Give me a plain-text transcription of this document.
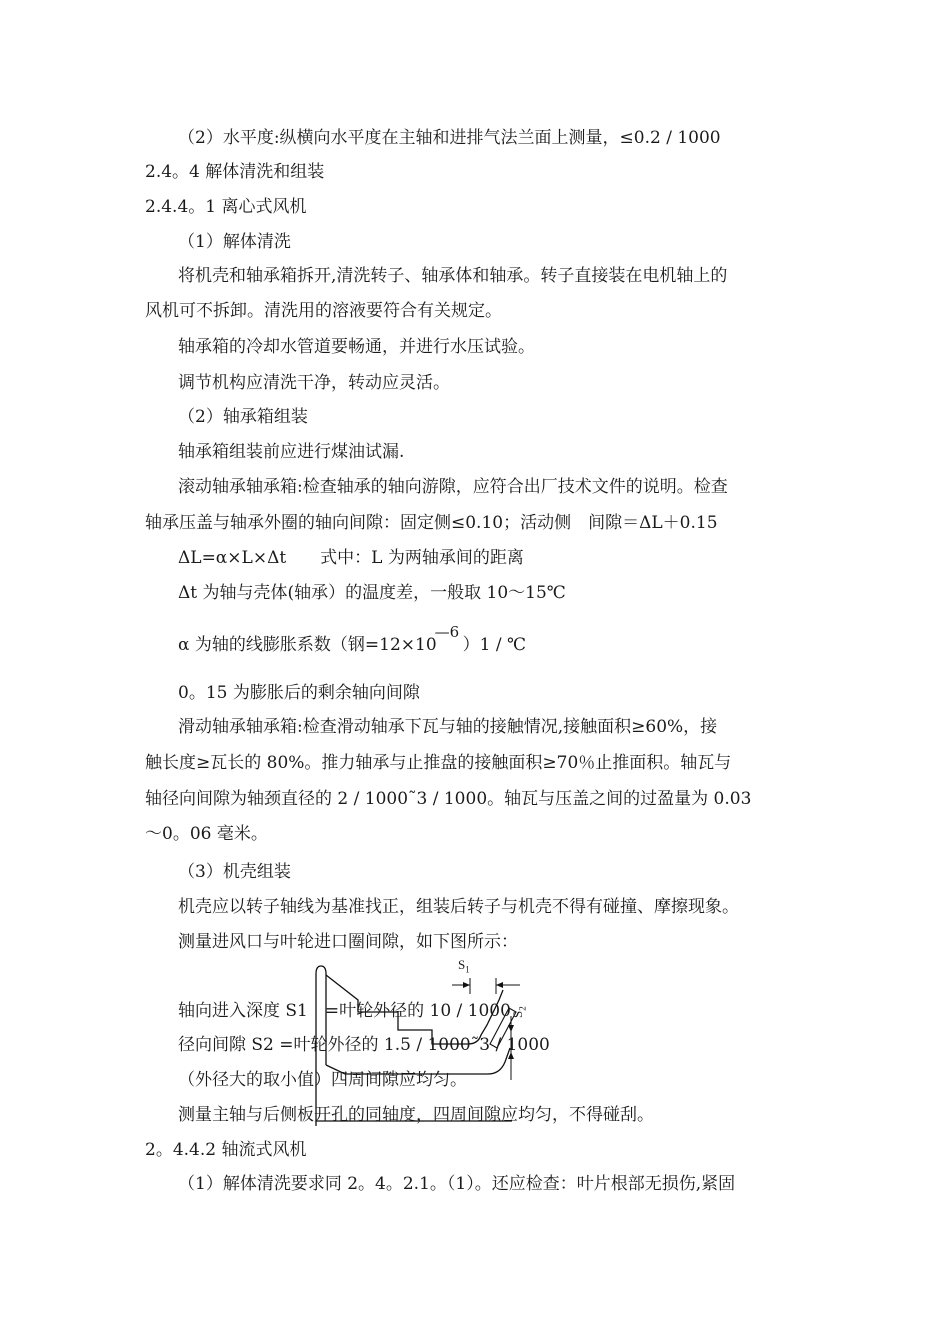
（2）水平度:纵横向水平度在主轴和进排气法兰面上测量，≤0.2 / 1000
2.4。4 解体清洗和组装
2.4.4。1 离心式风机
（1）解体清洗
将机壳和轴承箱拆开,清洗转子、轴承体和轴承。转子直接装在电机轴上的
风机可不拆卸。清洗用的溶液要符合有关规定。
轴承箱的冷却水管道要畅通，并进行水压试验。
调节机构应清洗干净，转动应灵活。
（2）轴承箱组装
轴承箱组装前应进行煤油试漏.
滚动轴承轴承箱:检查轴承的轴向游隙，应符合出厂技术文件的说明。检查
轴承压盖与轴承外圈的轴向间隙：固定侧≤0.10；活动侧　间隙＝ΔL＋0.15
ΔL=α×L×Δt　　式中：L 为两轴承间的距离
Δt 为轴与壳体(轴承）的温度差，一般取 10～15℃
α 为轴的线膨胀系数（钢=12×10
—6
）1 / ℃
0。15 为膨胀后的剩余轴向间隙
滑动轴承轴承箱:检查滑动轴承下瓦与轴的接触情况,接触面积≥60%，接
触长度≥瓦长的 80%。推力轴承与止推盘的接触面积≥70％止推面积。轴瓦与
轴径向间隙为轴颈直径的 2 / 1000˜3 / 1000。轴瓦与压盖之间的过盈量为 0.03
～0。06 毫米。
（3）机壳组装
机壳应以转子轴线为基准找正，组装后转子与机壳不得有碰撞、摩擦现象。
测量进风口与叶轮进口圈间隙，如下图所示：
$S_1$
$S_2$
轴向进入深度 S1　=叶轮外径的 10 / 1000
径向间隙 S2 =叶轮外径的 1.5 / 1000˜3 / 1000
（外径大的取小值）四周间隙应均匀。
测量主轴与后侧板开孔的同轴度，四周间隙应均匀，不得碰刮。
2。4.4.2 轴流式风机
（1）解体清洗要求同 2。4。2.1。（1）。还应检查：叶片根部无损伤,紧固
